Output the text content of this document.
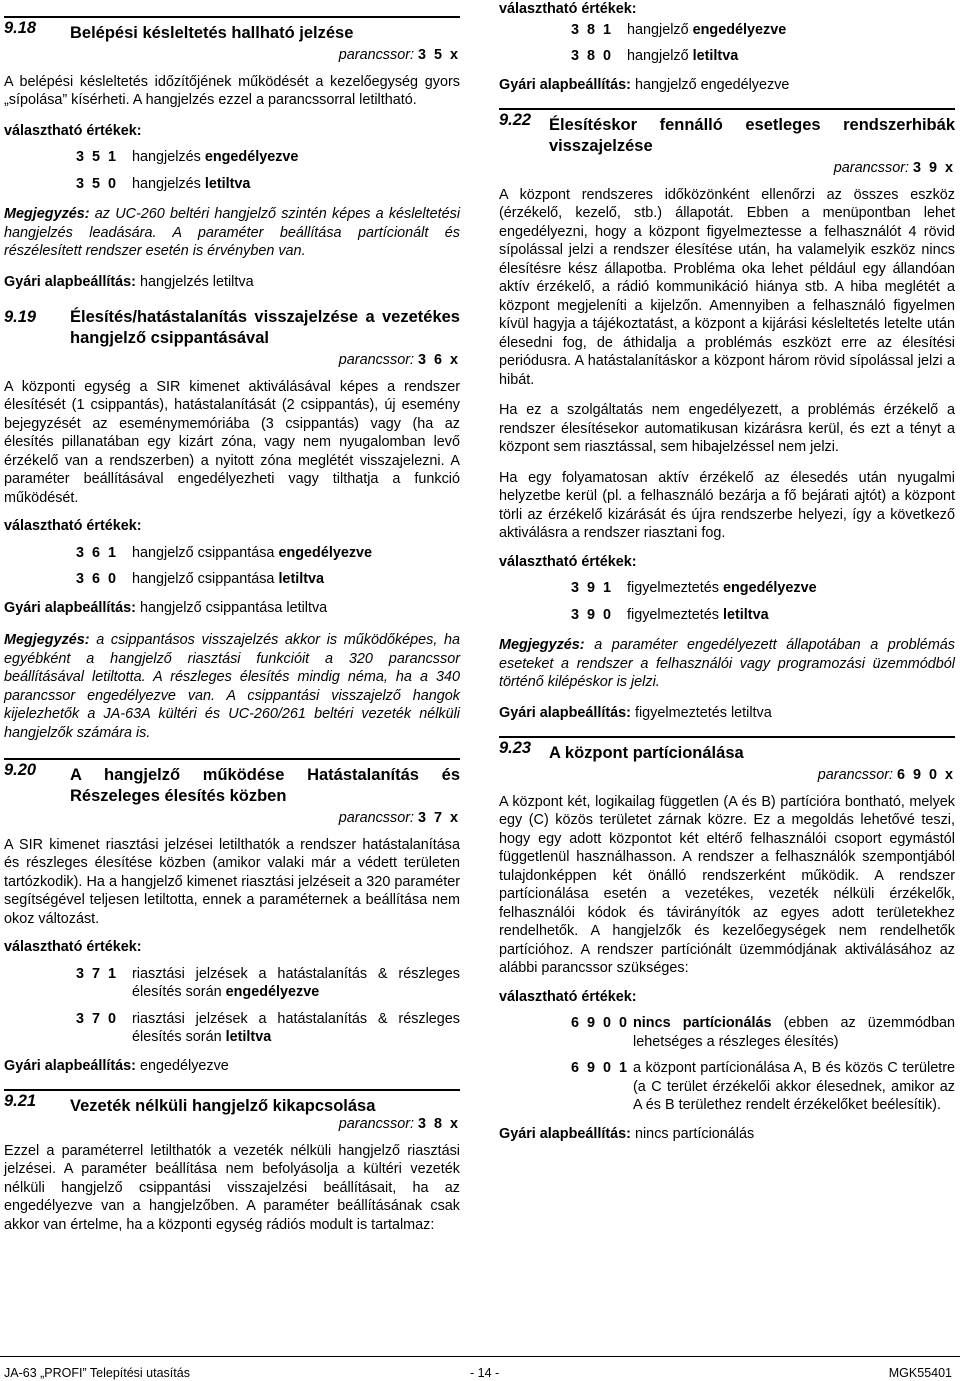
9.18	Belépési késleltetés hallható jelzése
parancssor: 3 5 x

A belépési késleltetés időzítőjének működését a kezelőegység gyors „sípolása” kísérheti. A hangjelzés ezzel a parancssorral letiltható.

választható értékek:

3 5 1 hangjelzés engedélyezve
3 5 0 hangjelzés letiltva

Megjegyzés: az UC-260 beltéri hangjelző szintén képes a késleltetési hangjelzés leadására. A paraméter beállítása partícionált és részélesített rendszer esetén is érvényben van.

Gyári alapbeállítás: hangjelzés letiltva

9.19	Élesítés/hatástalanítás visszajelzése a vezetékes hangjelző csippantásával
parancssor: 3 6 x

A központi egység a SIR kimenet aktiválásával képes a rendszer élesítését (1 csippantás), hatástalanítását (2 csippantás), új esemény bejegyzését az eseménymemóriába (3 csippantás) vagy (ha az élesítés pillanatában egy kizárt zóna, vagy nem nyugalomban levő érzékelő van a rendszerben) a nyitott zóna meglétét visszajelezni. A paraméter beállításával engedélyezheti vagy tilthatja a funkció működését.

választható értékek:

3 6 1 hangjelző csippantása engedélyezve
3 6 0 hangjelző csippantása letiltva

Gyári alapbeállítás: hangjelző csippantása letiltva

Megjegyzés: a csippantásos visszajelzés akkor is működőképes, ha egyébként a hangjelző riasztási funkcióit a 320 parancssor beállításával letiltotta. A részleges élesítés mindig néma, ha a 340 parancssor engedélyezve van. A csippantási visszajelző hangok kijelezhetők a JA-63A kültéri és UC-260/261 beltéri vezeték nélküli hangjelzők számára is.

9.20	A hangjelző működése Hatástalanítás és Részeleges élesítés közben
parancssor: 3 7 x

A SIR kimenet riasztási jelzései letilthatók a rendszer hatástalanítása és részleges élesítése közben (amikor valaki már a védett területen tartózkodik). Ha a hangjelző kimenet riasztási jelzéseit a 320 paraméter segítségével teljesen letiltotta, ennek a paraméternek a beállítása nem okoz változást.

választható értékek:

3 7 1 riasztási jelzések a hatástalanítás & részleges élesítés során engedélyezve
3 7 0 riasztási jelzések a hatástalanítás & részleges élesítés során letiltva

Gyári alapbeállítás: engedélyezve

9.21	Vezeték nélküli hangjelző kikapcsolása
parancssor: 3 8 x

Ezzel a paraméterrel letilthatók a vezeték nélküli hangjelző riasztási jelzései. A paraméter beállítása nem befolyásolja a kültéri vezeték nélküli hangjelző csippantási visszajelzési beállításait, ha az engedélyezve van a hangjelzőben. A paraméter beállításának csak akkor van értelme, ha a központi egység rádiós modult is tartalmaz:

választható értékek:

3 8 1 hangjelző engedélyezve
3 8 0 hangjelző letiltva

Gyári alapbeállítás: hangjelző engedélyezve

9.22	Élesítéskor fennálló esetleges rendszerhibák visszajelzése
parancssor: 3 9 x

A központ rendszeres időközönként ellenőrzi az összes eszköz (érzékelő, kezelő, stb.) állapotát. Ebben a menüpontban lehet engedélyezni, hogy a központ figyelmeztesse a felhasználót 4 rövid sípolással jelzi a rendszer élesítése után, ha valamelyik eszköz nincs élesítésre kész állapotba. Probléma oka lehet például egy állandóan aktív érzékelő, a rádió kommunikáció hiánya stb. A hiba meglétét a központ megjeleníti a kijelzőn. Amennyiben a felhasználó figyelmen kívül hagyja a tájékoztatást, a központ a kijárási késleltetés letelte után élesedni fog, de áthidalja a problémás eszközt erre az élesítési periódusra. A hatástalanításkor a központ három rövid sípolással jelzi a hibát.

Ha ez a szolgáltatás nem engedélyezett, a problémás érzékelő a rendszer élesítésekor automatikusan kizárásra kerül, és ezt a tényt a központ sem riasztással, sem hibajelzéssel nem jelzi.

Ha egy folyamatosan aktív érzékelő az élesedés után nyugalmi helyzetbe kerül (pl. a felhasználó bezárja a fő bejárati ajtót) a központ törli az érzékelő kizárását és újra rendszerbe helyezi, így a következő aktiválásra a rendszer riasztani fog.

választható értékek:

3 9 1 figyelmeztetés engedélyezve
3 9 0 figyelmeztetés letiltva

Megjegyzés: a paraméter engedélyezett állapotában a problémás eseteket a rendszer a felhasználói vagy programozási üzemmódból történő kilépéskor is jelzi.

Gyári alapbeállítás: figyelmeztetés letiltva

9.23	A központ partícionálása
parancssor: 6 9 0 x

A központ két, logikailag független (A és B) partícióra bontható, melyek egy (C) közös területet zárnak közre. Ez a megoldás lehetővé teszi, hogy egy adott központot két eltérő felhasználói csoport egymástól függetlenül használhasson. A rendszer a felhasználók szempontjából tulajdonképpen két önálló rendszerként működik. A rendszer partícionálása esetén a vezetékes, vezeték nélküli érzékelők, felhasználói kódok és távirányítók az egyes adott területekhez rendelhetők. A hangjelzők és kezelőegységek nem rendelhetők partícióhoz. A rendszer partíciónált üzemmódjának aktiválásához az alábbi parancssor szükséges:

választható értékek:

6 9 0 0 nincs partícionálás (ebben az üzemmódban lehetséges a részleges élesítés)
6 9 0 1 a központ partícionálása A, B és közös C területre (a C terület érzékelői akkor élesednek, amikor az A és B területhez rendelt érzékelőket beélesítik).

Gyári alapbeállítás: nincs partícionálás

JA-63 „PROFI” Telepítési utasítás	- 14 -	MGK55401
